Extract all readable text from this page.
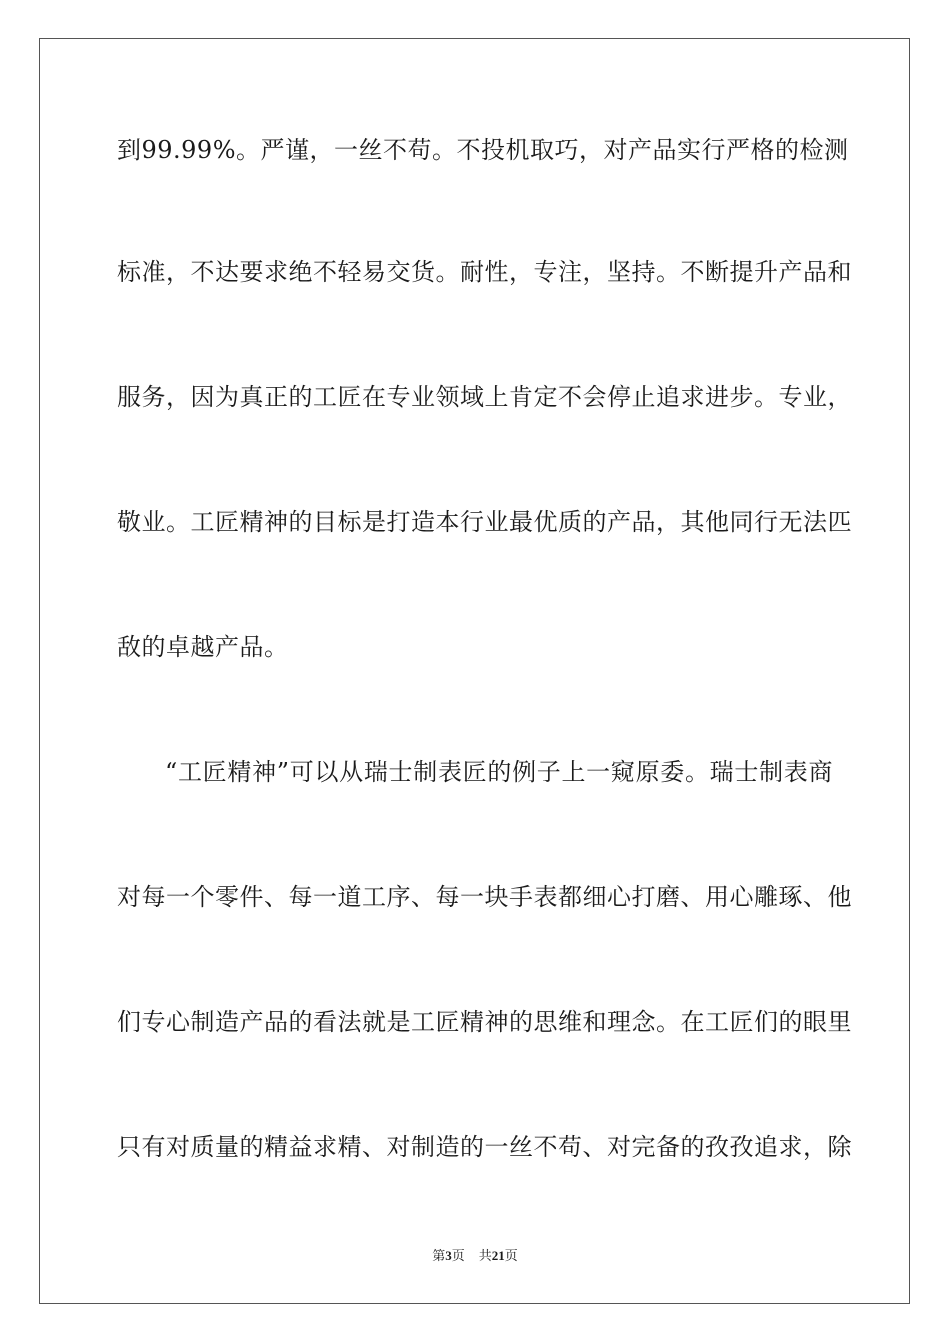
到99.99%。严谨，一丝不苟。不投机取巧，对产品实行严格的检测
标准，不达要求绝不轻易交货。耐性，专注，坚持。不断提升产品和
服务，因为真正的工匠在专业领域上肯定不会停止追求进步。专业，
敬业。工匠精神的目标是打造本行业最优质的产品，其他同行无法匹
敌的卓越产品。
“工匠精神”可以从瑞士制表匠的例子上一窥原委。瑞士制表商
对每一个零件、每一道工序、每一块手表都细心打磨、用心雕琢、他
们专心制造产品的看法就是工匠精神的思维和理念。在工匠们的眼里
只有对质量的精益求精、对制造的一丝不苟、对完备的孜孜追求，除
第3页 共21页
